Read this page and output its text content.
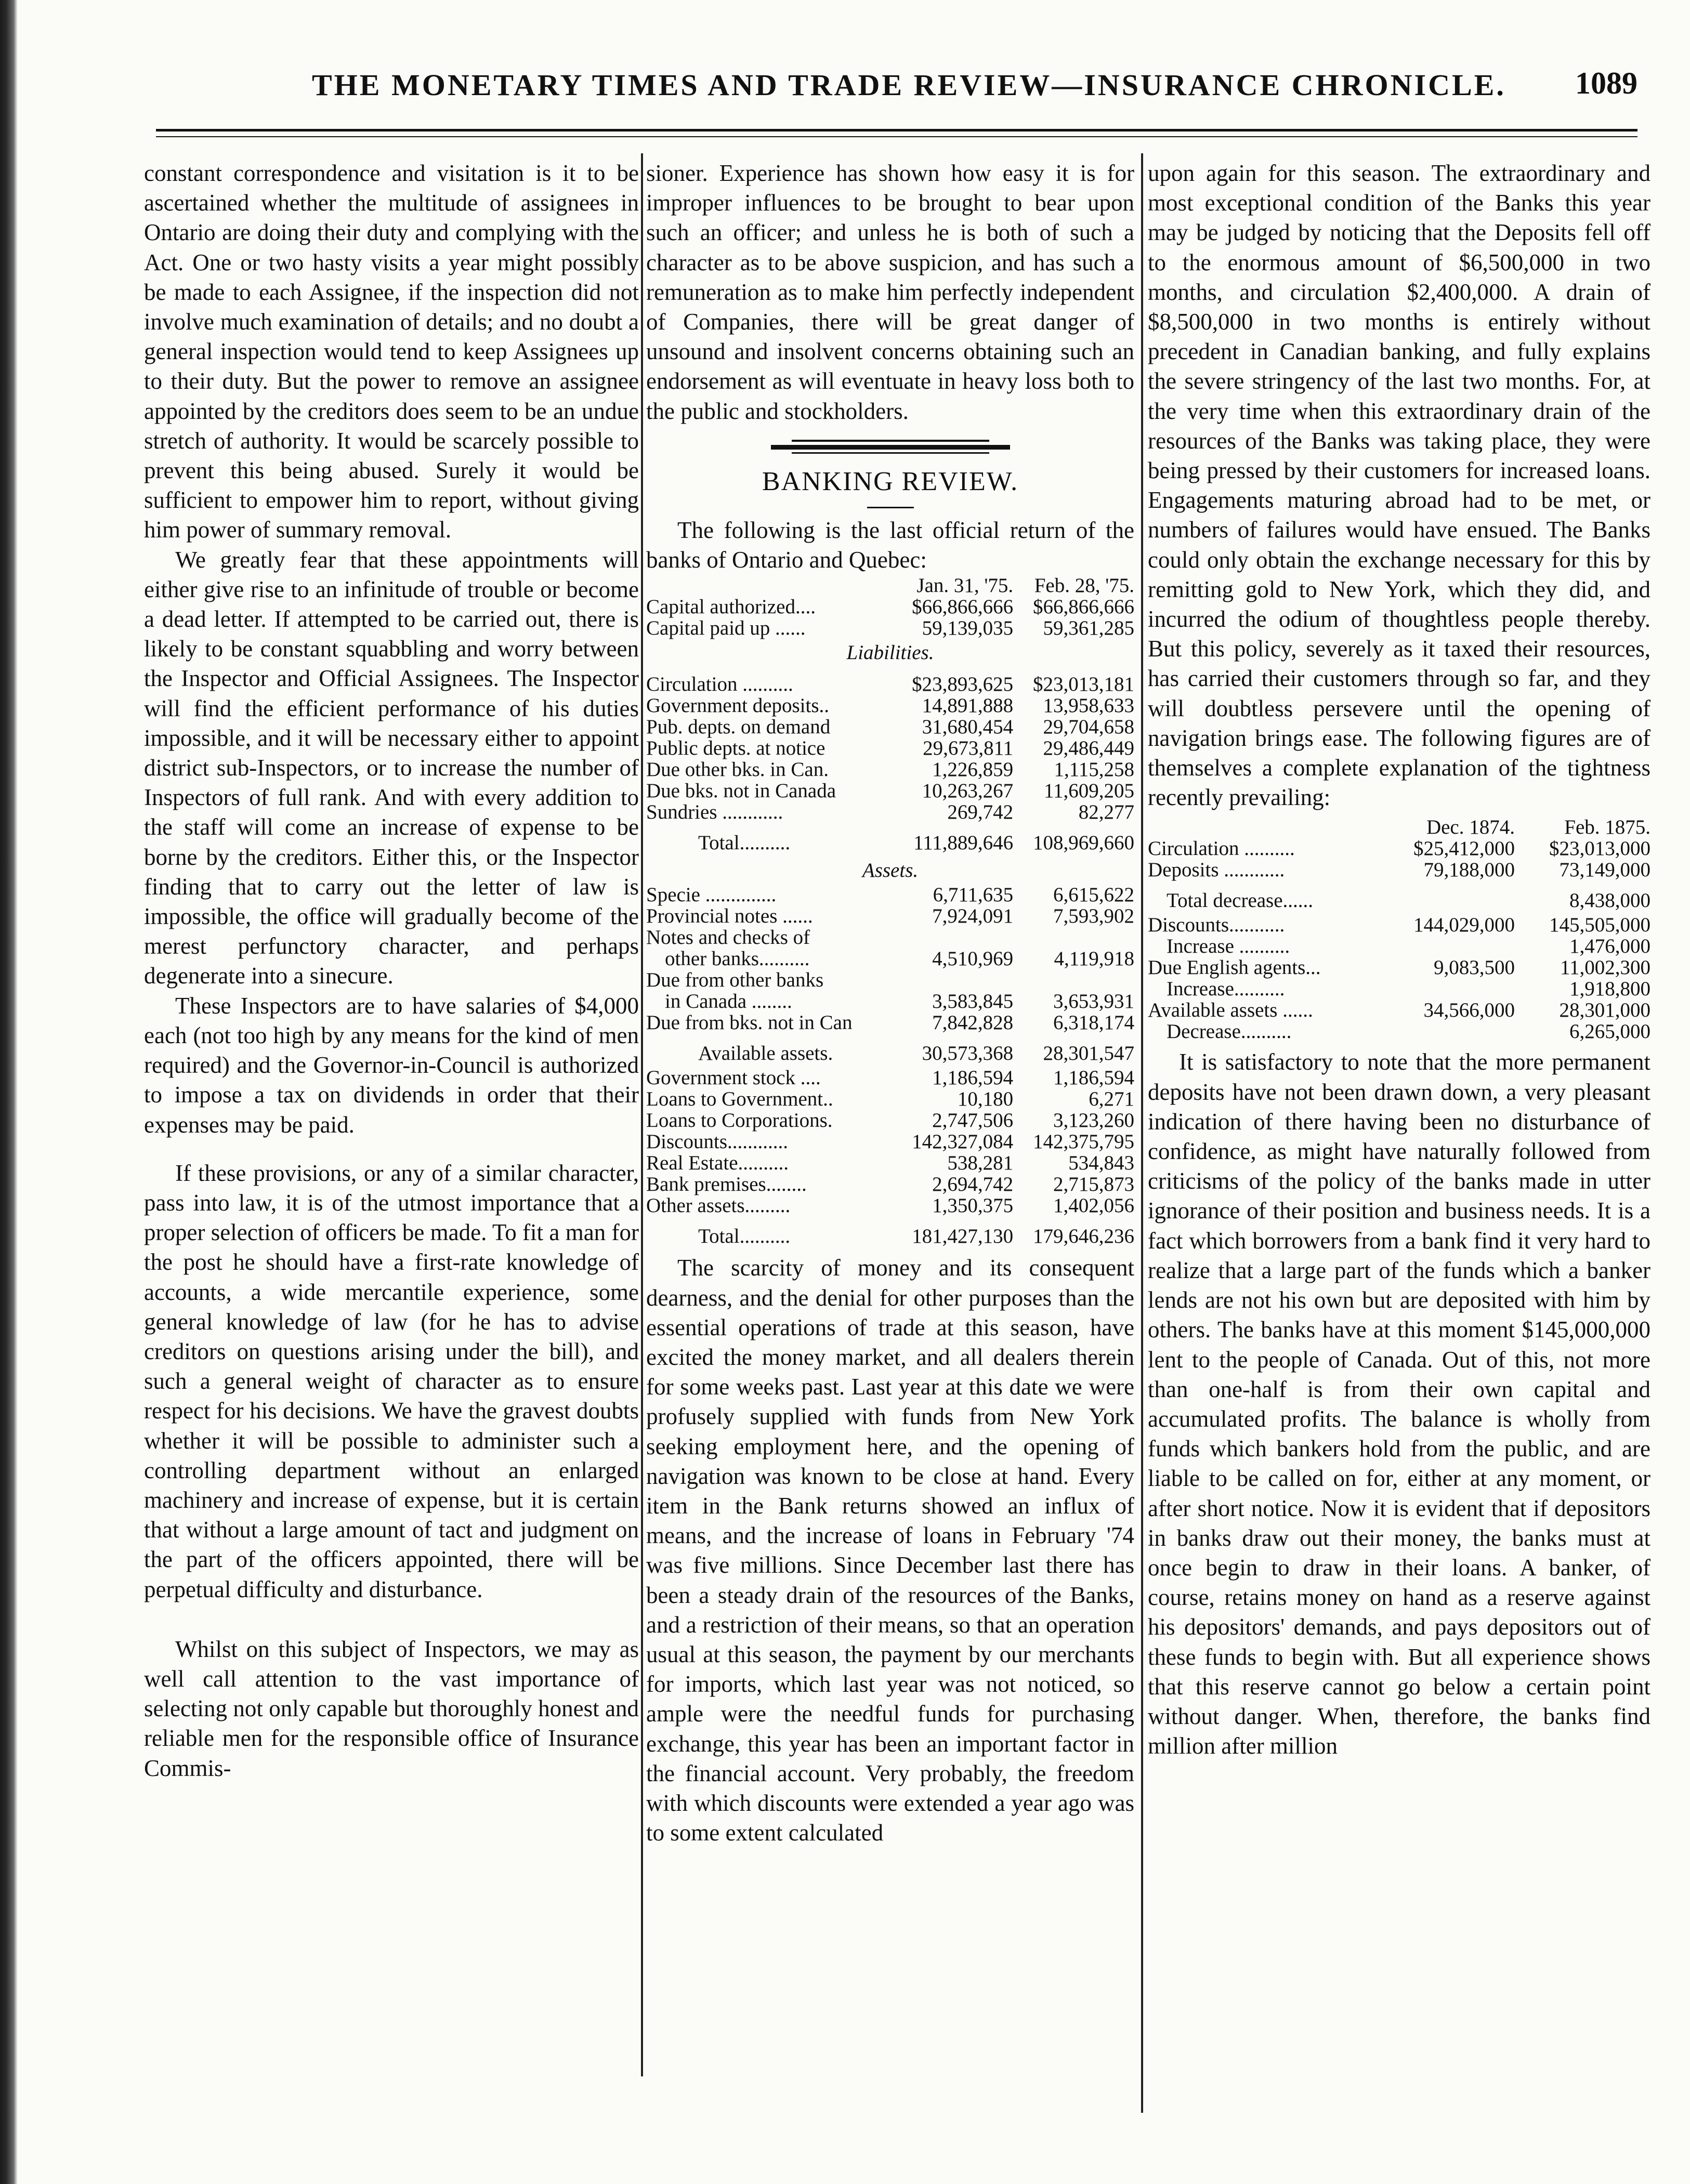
THE MONETARY TIMES AND TRADE REVIEW—INSURANCE CHRONICLE. 1089

constant correspondence and visitation is it to be ascertained whether the multitude of assignees in Ontario are doing their duty and complying with the Act. One or two hasty visits a year might possibly be made to each Assignee, if the inspection did not involve much examination of details; and no doubt a general inspection would tend to keep Assignees up to their duty. But the power to remove an assignee appointed by the creditors does seem to be an undue stretch of authority. It would be scarcely possible to prevent this being abused. Surely it would be sufficient to empower him to report, without giving him power of summary removal.

We greatly fear that these appointments will either give rise to an infinitude of trouble or become a dead letter. If attempted to be carried out, there is likely to be constant squabbling and worry between the Inspector and Official Assignees. The Inspector will find the efficient performance of his duties impossible, and it will be necessary either to appoint district sub-Inspectors, or to increase the number of Inspectors of full rank. And with every addition to the staff will come an increase of expense to be borne by the creditors. Either this, or the Inspector finding that to carry out the letter of law is impossible, the office will gradually become of the merest perfunctory character, and perhaps degenerate into a sinecure.

These Inspectors are to have salaries of $4,000 each (not too high by any means for the kind of men required) and the Governor-in-Council is authorized to impose a tax on dividends in order that their expenses may be paid.

If these provisions, or any of a similar character, pass into law, it is of the utmost importance that a proper selection of officers be made. To fit a man for the post he should have a first-rate knowledge of accounts, a wide mercantile experience, some general knowledge of law (for he has to advise creditors on questions arising under the bill), and such a general weight of character as to ensure respect for his decisions. We have the gravest doubts whether it will be possible to administer such a controlling department without an enlarged machinery and increase of expense, but it is certain that without a large amount of tact and judgment on the part of the officers appointed, there will be perpetual difficulty and disturbance.

Whilst on this subject of Inspectors, we may as well call attention to the vast importance of selecting not only capable but thoroughly honest and reliable men for the responsible office of Insurance Commis-

sioner. Experience has shown how easy it is for improper influences to be brought to bear upon such an officer; and unless he is both of such a character as to be above suspicion, and has such a remuneration as to make him perfectly independent of Companies, there will be great danger of unsound and insolvent concerns obtaining such an endorsement as will eventuate in heavy loss both to the public and stockholders.

BANKING REVIEW.

The following is the last official return of the banks of Ontario and Quebec:

	Jan. 31, '75.	Feb. 28, '75.
Capital authorized....	$66,866,666	$66,866,666
Capital paid up ......	59,139,035	59,361,285
Liabilities.		
Circulation ..........	$23,893,625	$23,013,181
Government deposits..	14,891,888	13,958,633
Pub. depts. on demand	31,680,454	29,704,658
Public depts. at notice	29,673,811	29,486,449
Due other bks. in Can.	1,226,859	1,115,258
Due bks. not in Canada	10,263,267	11,609,205
Sundries ............	269,742	82,277
Total..........	111,889,646	108,969,660
Assets.		
Specie ..............	6,711,635	6,615,622
Provincial notes ......	7,924,091	7,593,902
Notes and checks of		
other banks..........	4,510,969	4,119,918
Due from other banks		
in Canada ........	3,583,845	3,653,931
Due from bks. not in Can	7,842,828	6,318,174
Available assets.	30,573,368	28,301,547
Government stock ....	1,186,594	1,186,594
Loans to Government..	10,180	6,271
Loans to Corporations.	2,747,506	3,123,260
Discounts............	142,327,084	142,375,795
Real Estate..........	538,281	534,843
Bank premises........	2,694,742	2,715,873
Other assets.........	1,350,375	1,402,056
Total..........	181,427,130	179,646,236

The scarcity of money and its consequent dearness, and the denial for other purposes than the essential operations of trade at this season, have excited the money market, and all dealers therein for some weeks past. Last year at this date we were profusely supplied with funds from New York seeking employment here, and the opening of navigation was known to be close at hand. Every item in the Bank returns showed an influx of means, and the increase of loans in February '74 was five millions. Since December last there has been a steady drain of the resources of the Banks, and a restriction of their means, so that an operation usual at this season, the payment by our merchants for imports, which last year was not noticed, so ample were the needful funds for purchasing exchange, this year has been an important factor in the financial account. Very probably, the freedom with which discounts were extended a year ago was to some extent calculated

upon again for this season. The extraordinary and most exceptional condition of the Banks this year may be judged by noticing that the Deposits fell off to the enormous amount of $6,500,000 in two months, and circulation $2,400,000. A drain of $8,500,000 in two months is entirely without precedent in Canadian banking, and fully explains the severe stringency of the last two months. For, at the very time when this extraordinary drain of the resources of the Banks was taking place, they were being pressed by their customers for increased loans. Engagements maturing abroad had to be met, or numbers of failures would have ensued. The Banks could only obtain the exchange necessary for this by remitting gold to New York, which they did, and incurred the odium of thoughtless people thereby. But this policy, severely as it taxed their resources, has carried their customers through so far, and they will doubtless persevere until the opening of navigation brings ease. The following figures are of themselves a complete explanation of the tightness recently prevailing:

	Dec. 1874.	Feb. 1875.
Circulation ..........	$25,412,000	$23,013,000
Deposits ............	79,188,000	73,149,000
Total decrease......		8,438,000
Discounts...........	144,029,000	145,505,000
Increase ..........		1,476,000
Due English agents...	9,083,500	11,002,300
Increase..........		1,918,800
Available assets ......	34,566,000	28,301,000
Decrease..........		6,265,000

It is satisfactory to note that the more permanent deposits have not been drawn down, a very pleasant indication of there having been no disturbance of confidence, as might have naturally followed from criticisms of the policy of the banks made in utter ignorance of their position and business needs. It is a fact which borrowers from a bank find it very hard to realize that a large part of the funds which a banker lends are not his own but are deposited with him by others. The banks have at this moment $145,000,000 lent to the people of Canada. Out of this, not more than one-half is from their own capital and accumulated profits. The balance is wholly from funds which bankers hold from the public, and are liable to be called on for, either at any moment, or after short notice. Now it is evident that if depositors in banks draw out their money, the banks must at once begin to draw in their loans. A banker, of course, retains money on hand as a reserve against his depositors' demands, and pays depositors out of these funds to begin with. But all experience shows that this reserve cannot go below a certain point without danger. When, therefore, the banks find million after million
